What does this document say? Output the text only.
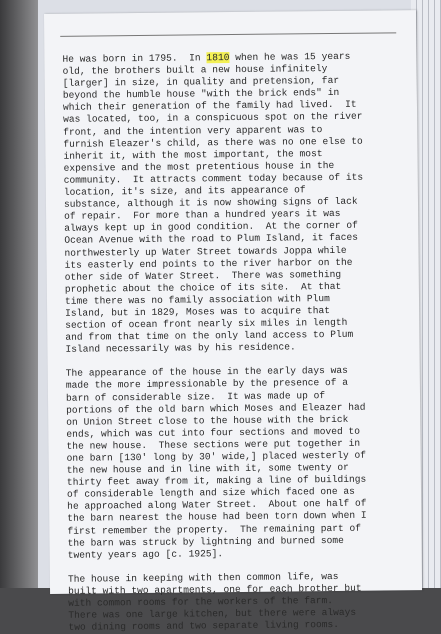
He was born in 1795.  In 1810 when he was 15 years
old, the brothers built a new house infinitely
[larger] in size, in quality and pretension, far
beyond the humble house "with the brick ends" in
which their generation of the family had lived.  It
was located, too, in a conspicuous spot on the river
front, and the intention very apparent was to
furnish Eleazer's child, as there was no one else to
inherit it, with the most important, the most
expensive and the most pretentious house in the
community.  It attracts comment today because of its
location, it's size, and its appearance of
substance, although it is now showing signs of lack
of repair.  For more than a hundred years it was
always kept up in good condition.  At the corner of
Ocean Avenue with the road to Plum Island, it faces
northwesterly up Water Street towards Joppa while
its easterly end points to the river harbor on the
other side of Water Street.  There was something
prophetic about the choice of its site.  At that
time there was no family association with Plum
Island, but in 1829, Moses was to acquire that
section of ocean front nearly six miles in length
and from that time on the only land access to Plum
Island necessarily was by his residence.
The appearance of the house in the early days was
made the more impressionable by the presence of a
barn of considerable size.  It was made up of
portions of the old barn which Moses and Eleazer had
on Union Street close to the house with the brick
ends, which was cut into four sections and moved to
the new house.  These sections were put together in
one barn [130' long by 30' wide,] placed westerly of
the new house and in line with it, some twenty or
thirty feet away from it, making a line of buildings
of considerable length and size which faced one as
he approached along Water Street.  About one half of
the barn nearest the house had been torn down when I
first remember the property.  The remaining part of
the barn was struck by lightning and burned some
twenty years ago [c. 1925].
The house in keeping with then common life, was
built with two apartments, one for each brother but
with common rooms for the workers of the farm.
There was one large kitchen, but there were always
two dining rooms and two separate living rooms.
